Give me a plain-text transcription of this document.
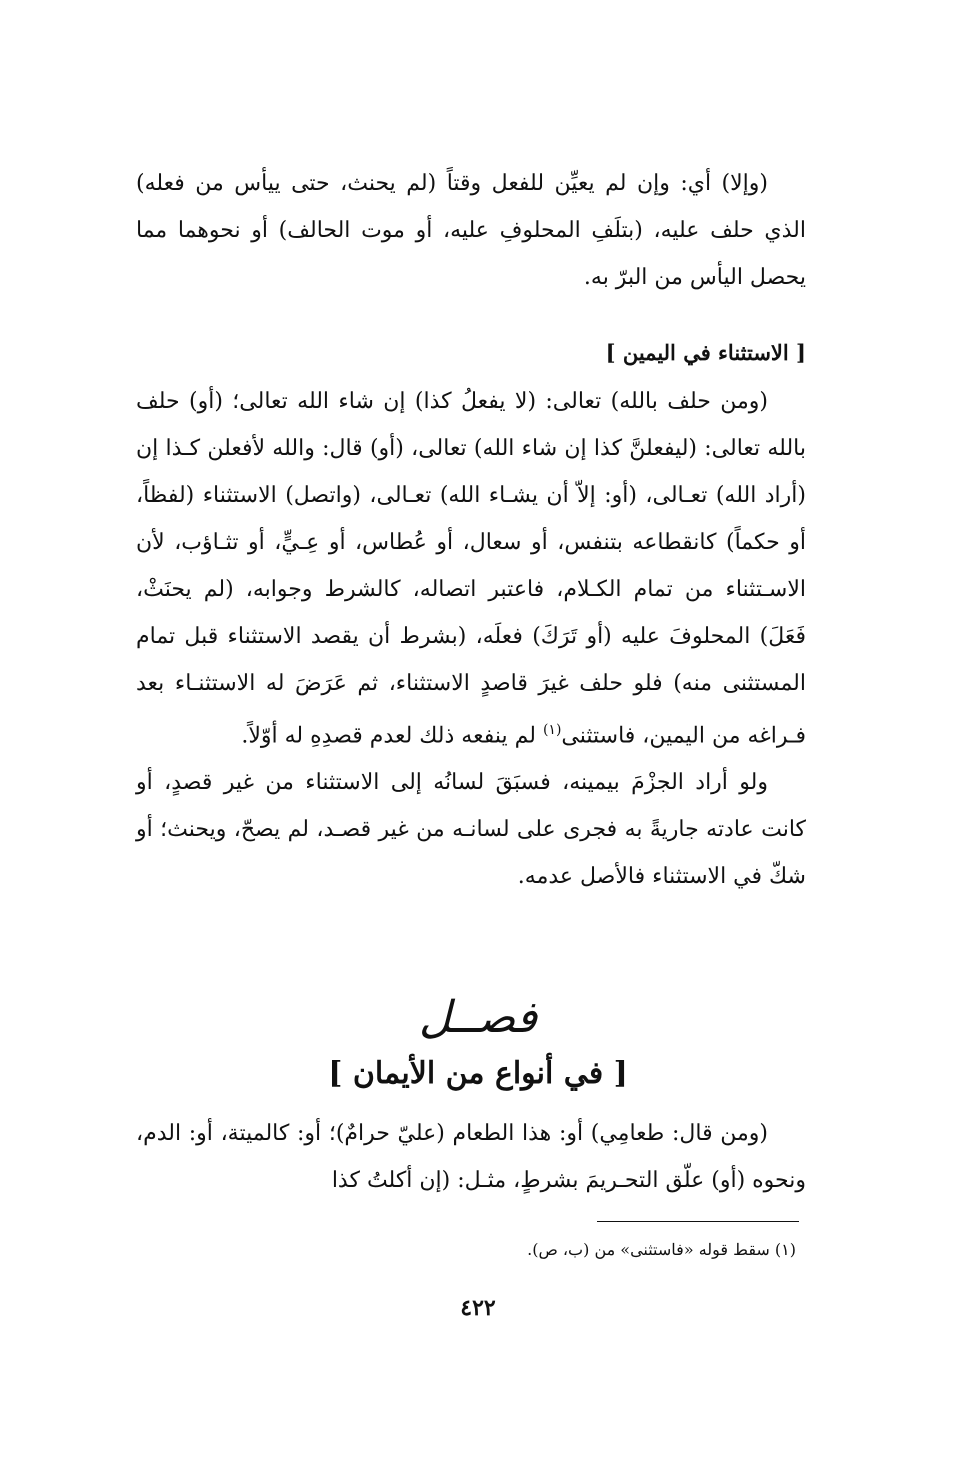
(وإلا) أي: وإن لم يعيِّن للفعل وقتاً (لم يحنث، حتى ييأس من فعله) الذي حلف عليه، (بتلَفِ المحلوفِ عليه، أو موت الحالف) أو نحوهما مما يحصل اليأس من البرّ به.

[ الاستثناء في اليمين ]

(ومن حلف بالله) تعالى: (لا يفعلُ كذا) إن شاء الله تعالى؛ (أو) حلف بالله تعالى: (ليفعلنَّ كذا إن شاء الله) تعالى، (أو) قال: والله لأفعلن كـذا إن (أراد الله) تعـالى، (أو: إلاّ أن يشـاء الله) تعـالى، (واتصل) الاستثناء (لفظاً، أو حكماً) كانقطاعه بتنفس، أو سعال، أو عُطاس، أو عِـيٍّ، أو تثـاؤب، لأن الاسـتثناء من تمام الكـلام، فاعتبر اتصاله، كالشرط وجوابه، (لم يحنَثْ، فَعَلَ) المحلوفَ عليه (أو تَرَكَ) فعلَه، (بشرط أن يقصد الاستثناء قبل تمام المستثنى منه) فلو حلف غيرَ قاصدٍ الاستثناء، ثم عَرَضَ له الاستثنـاء بعد فـراغه من اليمين، فاستثنى$^{(١)}$ لم ينفعه ذلك لعدم قصدِهِ له أوّلاً.

ولو أراد الجزْمَ بيمينه، فسبَقَ لسانُه إلى الاستثناء من غير قصدٍ، أو كانت عادته جاريةً به فجرى على لسانـه من غير قصـد، لم يصحّ، ويحنث؛ أو شكّ في الاستثناء فالأصل عدمه.

فصــل
[ في أنواع من الأيمان ]

(ومن قال: طعامِي) أو: هذا الطعام (عليّ حرامٌ)؛ أو: كالميتة، أو: الدم، ونحوه (أو) علّق التحـريمَ بشرطٍ، مثـل: (إن أكلتُ كذا

(١) سقط قوله «فاستثنى» من (ب، ص).
٤٢٢
